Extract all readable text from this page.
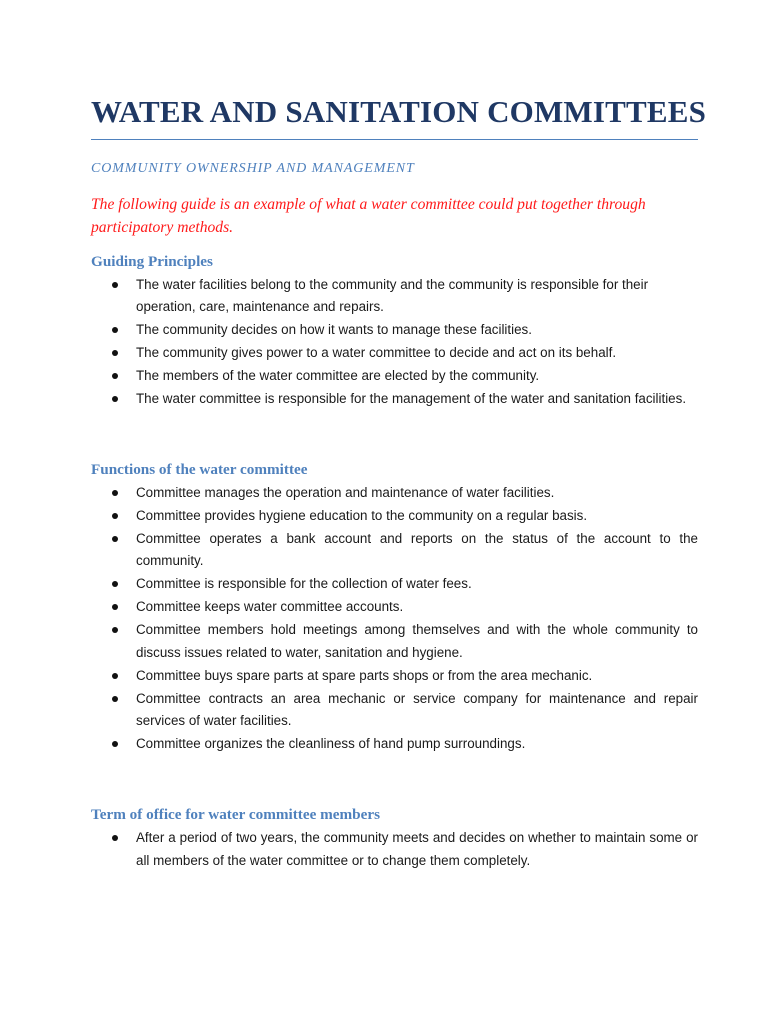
WATER AND SANITATION COMMITTEES

COMMUNITY OWNERSHIP AND MANAGEMENT

The following guide is an example of what a water committee could put together through participatory methods.

Guiding Principles
The water facilities belong to the community and the community is responsible for their operation, care, maintenance and repairs.
The community decides on how it wants to manage these facilities.
The community gives power to a water committee to decide and act on its behalf.
The members of the water committee are elected by the community.
The water committee is responsible for the management of the water and sanitation facilities.
Functions of the water committee
Committee manages the operation and maintenance of water facilities.
Committee provides hygiene education to the community on a regular basis.
Committee operates a bank account and reports on the status of the account to the community.
Committee is responsible for the collection of water fees.
Committee keeps water committee accounts.
Committee members hold meetings among themselves and with the whole community to discuss issues related to water, sanitation and hygiene.
Committee buys spare parts at spare parts shops or from the area mechanic.
Committee contracts an area mechanic or service company for maintenance and repair services of water facilities.
Committee organizes the cleanliness of hand pump surroundings.
Term of office for water committee members
After a period of two years, the community meets and decides on whether to maintain some or all members of the water committee or to change them completely.
